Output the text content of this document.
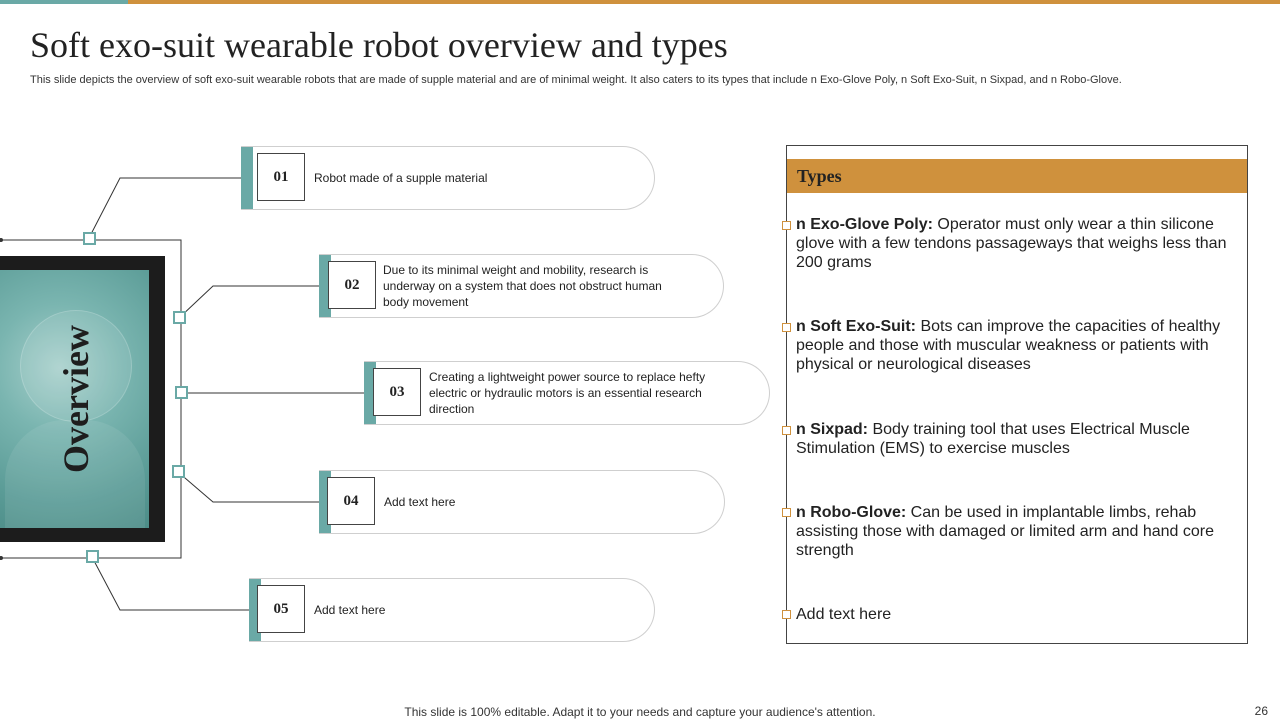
Soft exo-suit wearable robot overview and types
This slide depicts the overview of soft exo-suit wearable robots that are made of supple material and are of minimal weight. It also caters to its types that include n Exo-Glove Poly, n Soft Exo-Suit, n Sixpad, and n Robo-Glove.
Overview
01	Robot made of a supple material
02
Due to its minimal weight and mobility, research is underway on a system that does not obstruct human body movement
03
Creating a lightweight power source to replace hefty electric or hydraulic motors is an essential research direction
04	Add text here
05	Add text here
Types
n Exo-Glove Poly: Operator must only wear a thin silicone glove with a few tendons passageways that weighs less than 200 grams
n Soft Exo-Suit: Bots can improve the capacities of healthy people and those with muscular weakness or patients with physical or neurological diseases
n Sixpad: Body training tool that uses Electrical Muscle Stimulation (EMS) to exercise muscles
n Robo-Glove: Can be used in implantable limbs, rehab assisting those with damaged or limited arm and hand core strength
Add text here
This slide is 100% editable. Adapt it to your needs and capture your audience's attention.	26
